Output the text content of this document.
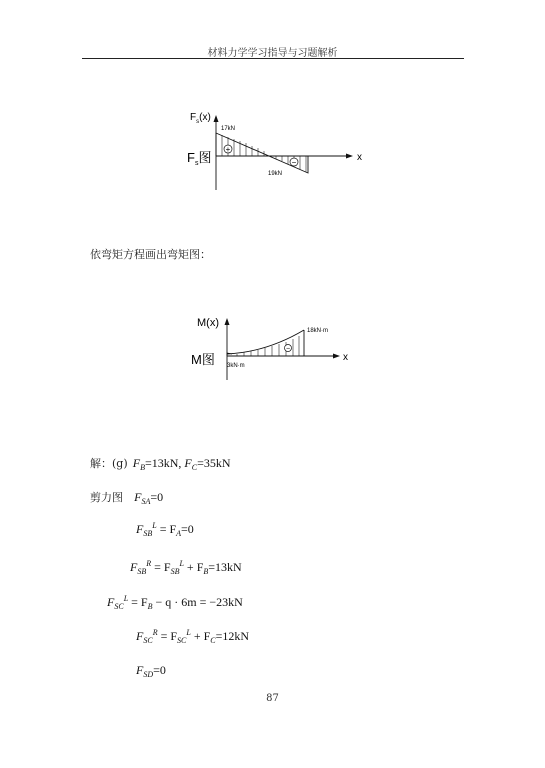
材料力学学习指导与习题解析
+
−
$F_s(x)$
$F_s$图
17kN
19kN
x
依弯矩方程画出弯矩图：
−
M(x)
M图
18kN·m
3kN·m
x
解：(g) $F_B=13kN$, $F_C=35kN$
剪力图 $F_{SA}=0$
$F_{SB}^L = F_A=0$
$F_{SB}^R = F_{SB}^L + F_B=13kN$
$F_{SC}^L = F_B - q \cdot 6m = -23kN$
$F_{SC}^R = F_{SC}^L + F_C=12kN$
$F_{SD}=0$
87
